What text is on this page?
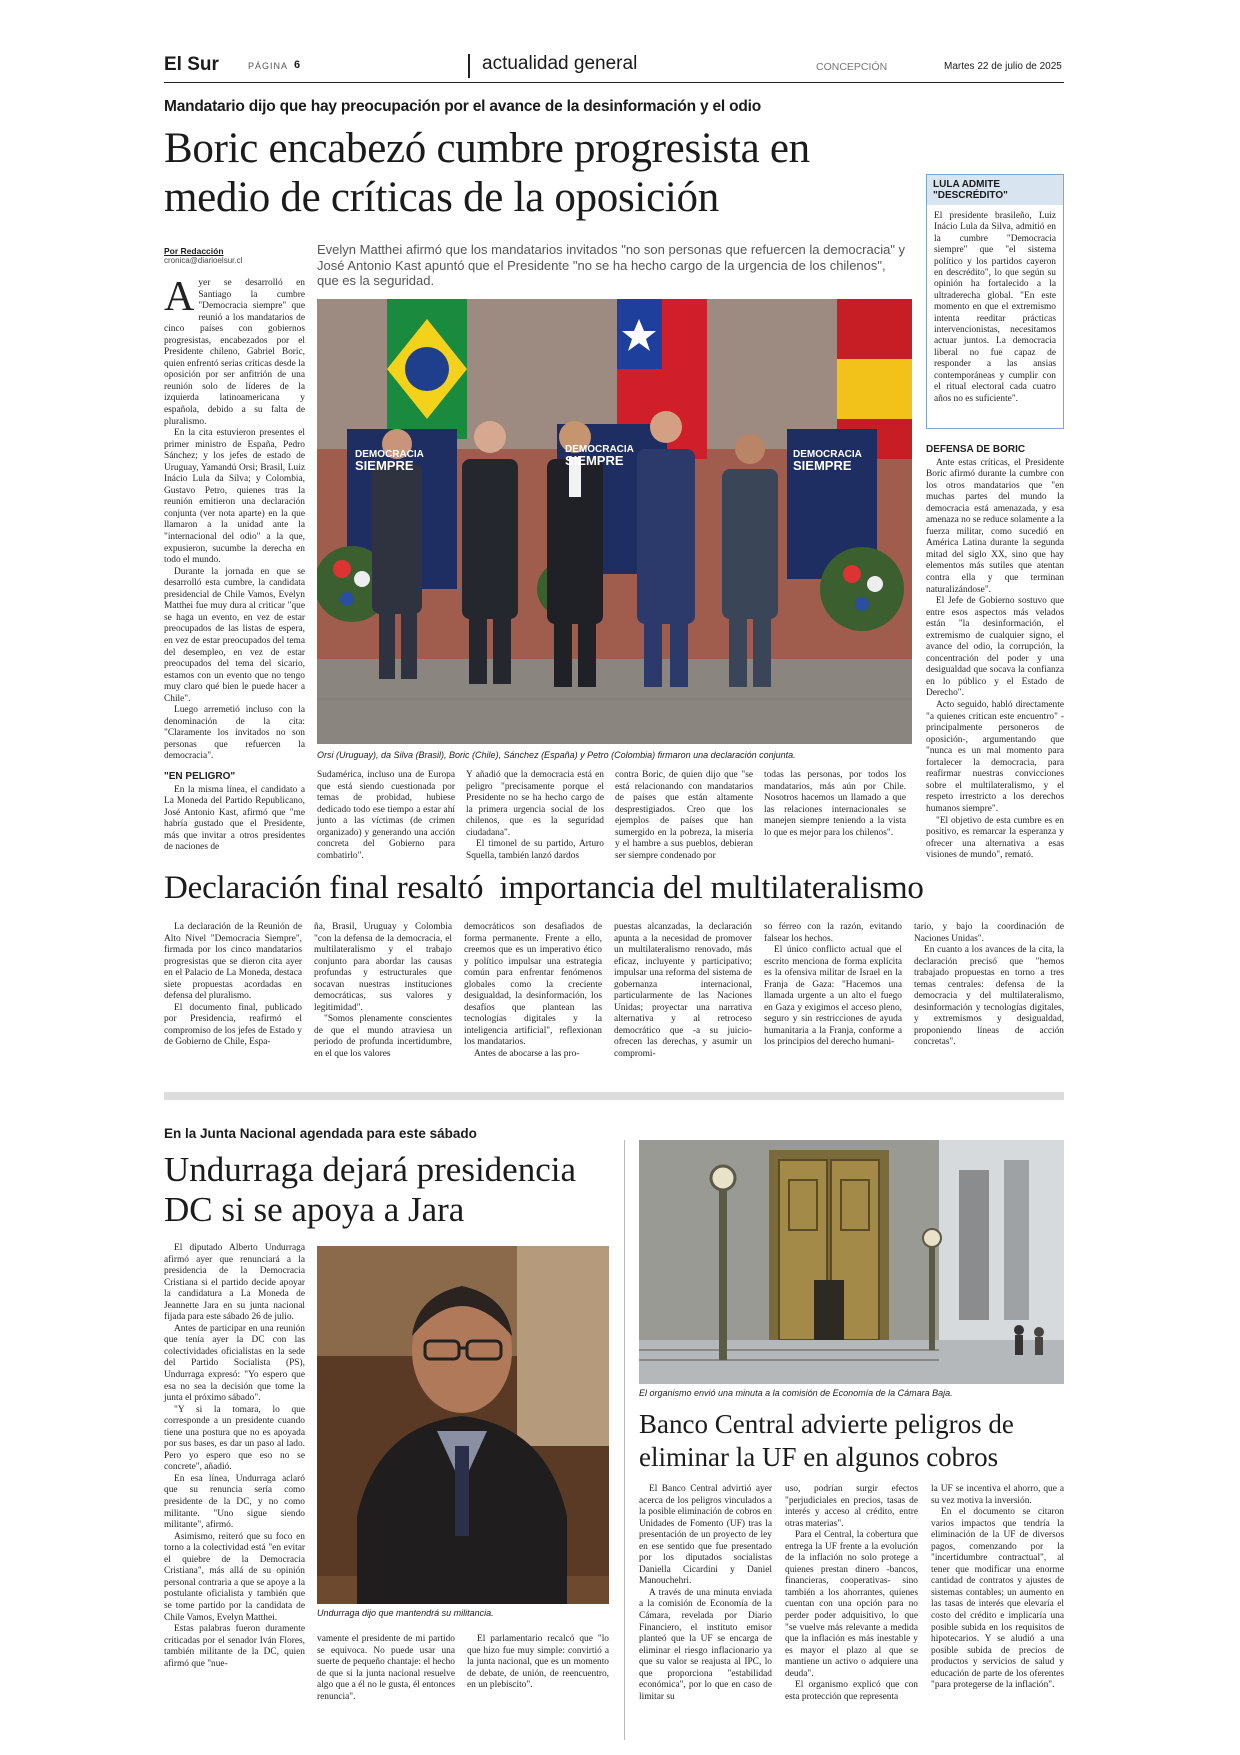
El Sur	PÁGINA 6	actualidad general	CONCEPCIÓN	Martes 22 de julio de 2025
Mandatario dijo que hay preocupación por el avance de la desinformación y el odio
Boric encabezó cumbre progresista en
medio de críticas de la oposición
Por Redacción
cronica@diarioelsur.cl
Evelyn Matthei afirmó que los mandatarios invitados "no son personas que refuercen la democracia" y José Antonio Kast apuntó que el Presidente "no se ha hecho cargo de la urgencia de los chilenos", que es la seguridad.
DEMOCRACIA
SIEMPRE
DEMOCRACIA
SIEMPRE	DEMOCRACIA
SIEMPRE
Orsi (Uruguay), da Silva (Brasil), Boric (Chile), Sánchez (España) y Petro (Colombia) firmaron una declaración conjunta.

Ayer se desarrolló en Santiago la cumbre "Democracia siempre" que reunió a los mandatarios de cinco países con gobiernos progresistas, encabezados por el Presidente chileno, Gabriel Boric, quien enfrentó serias críticas desde la oposición por ser anfitrión de una reunión solo de líderes de la izquierda latinoamericana y española, debido a su falta de pluralismo.

En la cita estuvieron presentes el primer ministro de España, Pedro Sánchez; y los jefes de estado de Uruguay, Yamandú Orsi; Brasil, Luiz Inácio Lula da Silva; y Colombia, Gustavo Petro, quienes tras la reunión emitieron una declaración conjunta (ver nota aparte) en la que llamaron a la unidad ante la "internacional del odio" a la que, expusieron, sucumbe la derecha en todo el mundo.

Durante la jornada en que se desarrolló esta cumbre, la candidata presidencial de Chile Vamos, Evelyn Matthei fue muy dura al criticar "que se haga un evento, en vez de estar preocupados de las listas de espera, en vez de estar preocupados del tema del desempleo, en vez de estar preocupados del tema del sicario, estamos con un evento que no tengo muy claro qué bien le puede hacer a Chile".

Luego arremetió incluso con la denominación de la cita: "Claramente los invitados no son personas que refuercen la democracia".

"EN PELIGRO"

En la misma línea, el candidato a La Moneda del Partido Republicano, José Antonio Kast, afirmó que "me habría gustado que el Presidente, más que invitar a otros presidentes de naciones de

Sudamérica, incluso una de Europa que está siendo cuestionada por temas de probidad, hubiese dedicado todo ese tiempo a estar ahí junto a las víctimas (de crimen organizado) y generando una acción concreta del Gobierno para combatirlo".

Y añadió que la democracia está en peligro "precisamente porque el Presidente no se ha hecho cargo de la primera urgencia social de los chilenos, que es la seguridad ciudadana".

El timonel de su partido, Arturo Squella, también lanzó dardos

contra Boric, de quien dijo que "se está relacionando con mandatarios de países que están altamente desprestigiados. Creo que los ejemplos de países que han sumergido en la pobreza, la miseria y el hambre a sus pueblos, debieran ser siempre condenado por

todas las personas, por todos los mandatarios, más aún por Chile. Nosotros hacemos un llamado a que las relaciones internacionales se manejen siempre teniendo a la vista lo que es mejor para los chilenos".

LULA ADMITE
"DESCRÉDITO"
El presidente brasileño, Luiz Inácio Lula da Silva, admitió en la cumbre "Democracia siempre" que "el sistema político y los partidos cayeron en descrédito", lo que según su opinión ha fortalecido a la ultraderecha global. "En este momento en que el extremismo intenta reeditar prácticas intervencionistas, necesitamos actuar juntos. La democracia liberal no fue capaz de responder a las ansias contemporáneas y cumplir con el ritual electoral cada cuatro años no es suficiente".
DEFENSA DE BORIC

Ante estas críticas, el Presidente Boric afirmó durante la cumbre con los otros mandatarios que "en muchas partes del mundo la democracia está amenazada, y esa amenaza no se reduce solamente a la fuerza militar, como sucedió en América Latina durante la segunda mitad del siglo XX, sino que hay elementos más sutiles que atentan contra ella y que terminan naturalizándose".

El Jefe de Gobierno sostuvo que entre esos aspectos más velados están "la desinformación, el extremismo de cualquier signo, el avance del odio, la corrupción, la concentración del poder y una desigualdad que socava la confianza en lo público y el Estado de Derecho".

Acto seguido, habló directamente "a quienes critican este encuentro" -principalmente personeros de oposición-, argumentando que "nunca es un mal momento para fortalecer la democracia, para reafirmar nuestras convicciones sobre el multilateralismo, y el respeto irrestricto a los derechos humanos siempre".

"El objetivo de esta cumbre es en positivo, es remarcar la esperanza y ofrecer una alternativa a esas visiones de mundo", remató.

Declaración final resaltó  importancia del multilateralismo

La declaración de la Reunión de Alto Nivel "Democracia Siempre", firmada por los cinco mandatarios progresistas que se dieron cita ayer en el Palacio de La Moneda, destaca siete propuestas acordadas en defensa del pluralismo.

El documento final, publicado por Presidencia, reafirmó el compromiso de los jefes de Estado y de Gobierno de Chile, Espa-

ña, Brasil, Uruguay y Colombia "con la defensa de la democracia, el multilateralismo y el trabajo conjunto para abordar las causas profundas y estructurales que socavan nuestras instituciones democráticas, sus valores y legitimidad".

"Somos plenamente conscientes de que el mundo atraviesa un periodo de profunda incertidumbre, en el que los valores

democráticos son desafiados de forma permanente. Frente a ello, creemos que es un imperativo ético y político impulsar una estrategia común para enfrentar fenómenos globales como la creciente desigualdad, la desinformación, los desafíos que plantean las tecnologías digitales y la inteligencia artificial", reflexionan los mandatarios.

Antes de abocarse a las pro-

puestas alcanzadas, la declaración apunta a la necesidad de promover un multilateralismo renovado, más eficaz, incluyente y participativo; impulsar una reforma del sistema de gobernanza internacional, particularmente de las Naciones Unidas; proyectar una narrativa alternativa y al retroceso democrático que -a su juicio- ofrecen las derechas, y asumir un compromi-

so férreo con la razón, evitando falsear los hechos.

El único conflicto actual que el escrito menciona de forma explícita es la ofensiva militar de Israel en la Franja de Gaza: "Hacemos una llamada urgente a un alto el fuego en Gaza y exigimos el acceso pleno, seguro y sin restricciones de ayuda humanitaria a la Franja, conforme a los principios del derecho humani-

tario, y bajo la coordinación de Naciones Unidas".

En cuanto a los avances de la cita, la declaración precisó que "hemos trabajado propuestas en torno a tres temas centrales: defensa de la democracia y del multilateralismo, desinformación y tecnologías digitales, y extremismos y desigualdad, proponiendo líneas de acción concretas".

En la Junta Nacional agendada para este sábado
Undurraga dejará presidencia
DC si se apoya a Jara

El diputado Alberto Undurraga afirmó ayer que renunciará a la presidencia de la Democracia Cristiana si el partido decide apoyar la candidatura a La Moneda de Jeannette Jara en su junta nacional fijada para este sábado 26 de julio.

Antes de participar en una reunión que tenía ayer la DC con las colectividades oficialistas en la sede del Partido Socialista (PS), Undurraga expresó: "Yo espero que esa no sea la decisión que tome la junta el próximo sábado".

"Y si la tomara, lo que corresponde a un presidente cuando tiene una postura que no es apoyada por sus bases, es dar un paso al lado. Pero yo espero que eso no se concrete", añadió.

En esa línea, Undurraga aclaró que su renuncia sería como presidente de la DC, y no como militante. "Uno sigue siendo militante", afirmó.

Asimismo, reiteró que su foco en torno a la colectividad está "en evitar el quiebre de la Democracia Cristiana", más allá de su opinión personal contraria a que se apoye a la postulante oficialista y también que se tome partido por la candidata de Chile Vamos, Evelyn Matthei.

Estas palabras fueron duramente criticadas por el senador Iván Flores, también militante de la DC, quien afirmó que "nue-

Undurraga dijo que mantendrá su militancia.

vamente el presidente de mi partido se equivoca. No puede usar una suerte de pequeño chantaje: el hecho de que si la junta nacional resuelve algo que a él no le gusta, él entonces renuncia".

El parlamentario recalcó que "lo que hizo fue muy simple: convirtió a la junta nacional, que es un momento de debate, de unión, de reencuentro, en un plebiscito".

El organismo envió una minuta a la comisión de Economía de la Cámara Baja.
Banco Central advierte peligros de
eliminar la UF en algunos cobros

El Banco Central advirtió ayer acerca de los peligros vinculados a la posible eliminación de cobros en Unidades de Fomento (UF) tras la presentación de un proyecto de ley en ese sentido que fue presentado por los diputados socialistas Daniella Cicardini y Daniel Manouchehri.

A través de una minuta enviada a la comisión de Economía de la Cámara, revelada por Diario Financiero, el instituto emisor planteó que la UF se encarga de eliminar el riesgo inflacionario ya que su valor se reajusta al IPC, lo que proporciona "estabilidad económica", por lo que en caso de limitar su

uso, podrían surgir efectos "perjudiciales en precios, tasas de interés y acceso al crédito, entre otras materias".

Para el Central, la cobertura que entrega la UF frente a la evolución de la inflación no solo protege a quienes prestan dinero -bancos, financieras, cooperativas- sino también a los ahorrantes, quienes cuentan con una opción para no perder poder adquisitivo, lo que "se vuelve más relevante a medida que la inflación es más inestable y es mayor el plazo al que se mantiene un activo o adquiere una deuda".

El organismo explicó que con esta protección que representa

la UF se incentiva el ahorro, que a su vez motiva la inversión.

En el documento se citaron varios impactos que tendría la eliminación de la UF de diversos pagos, comenzando por la "incertidumbre contractual", al tener que modificar una enorme cantidad de contratos y ajustes de sistemas contables; un aumento en las tasas de interés que elevaría el costo del crédito e implicaría una posible subida en los requisitos de hipotecarios. Y se aludió a una posible subida de precios de productos y servicios de salud y educación de parte de los oferentes "para protegerse de la inflación".
